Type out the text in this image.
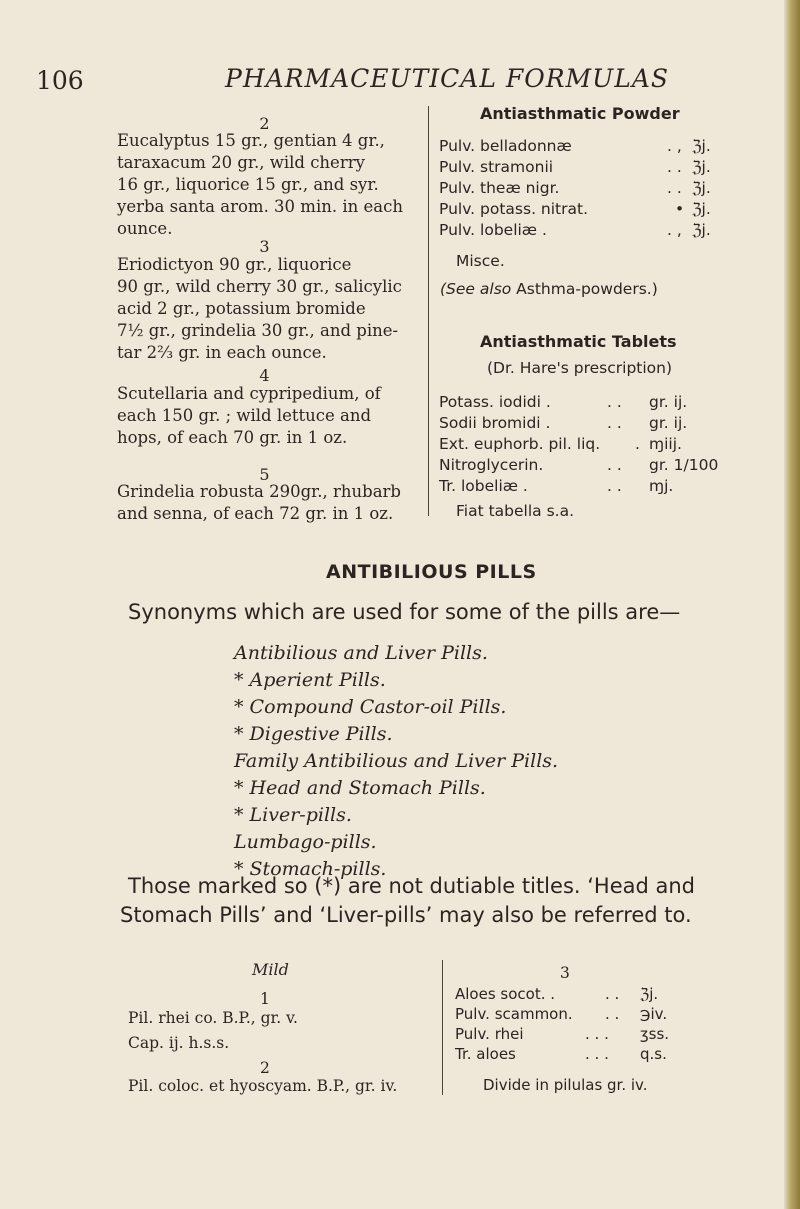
106	PHARMACEUTICAL FORMULAS
2
Eucalyptus 15 gr., gentian 4 gr.,
taraxacum 20 gr., wild cherry
16 gr., liquorice 15 gr., and syr.
yerba santa arom. 30 min. in each
ounce.
3
Eriodictyon 90 gr., liquorice
90 gr., wild cherry 30 gr., salicylic
acid 2 gr., potassium bromide
7½ gr., grindelia 30 gr., and pine-
tar 2⅔ gr. in each ounce.
4
Scutellaria and cypripedium, of
each 150 gr. ; wild lettuce and
hops, of each 70 gr. in 1 oz.
5
Grindelia robusta 290gr., rhubarb
and senna, of each 72 gr. in 1 oz.
Antiasthmatic Powder
Pulv. belladonnæ	. , ℨj.
Pulv. stramonii	. . ℨj.
Pulv. theæ nigr.	. . ℨj.
Pulv. potass. nitrat.	• ℨj.
Pulv. lobeliæ .	. , ℨj.
Misce.
(See also Asthma-powders.)
Antiasthmatic Tablets
(Dr. Hare's prescription)
Potass. iodidi .	. . gr. ij.
Sodii bromidi .	. . gr. ij.
Ext. euphorb. pil. liq. . ɱiij.
Nitroglycerin.	. . gr. 1/100
Tr. lobeliæ .	. . ɱj.
Fiat tabella s.a.
ANTIBILIOUS PILLS
Synonyms which are used for some of the pills are—
Antibilious and Liver Pills.
* Aperient Pills.
* Compound Castor-oil Pills.
* Digestive Pills.
Family Antibilious and Liver Pills.
* Head and Stomach Pills.
* Liver-pills.
Lumbago-pills.
* Stomach-pills.
Those marked so (*) are not dutiable titles. ‘Head and
Stomach Pills’ and ‘Liver-pills’ may also be referred to.
Mild
1
Pil. rhei co. B.P., gr. v.
Cap. ij. h.s.s.
2
Pil. coloc. et hyoscyam. B.P., gr. iv.
3
Aloes socot. .	. . ℨj.
Pulv. scammon. . . ℈iv.
Pulv. rhei	. . . ʒss.
Tr. aloes	. . . q.s.
Divide in pilulas gr. iv.
